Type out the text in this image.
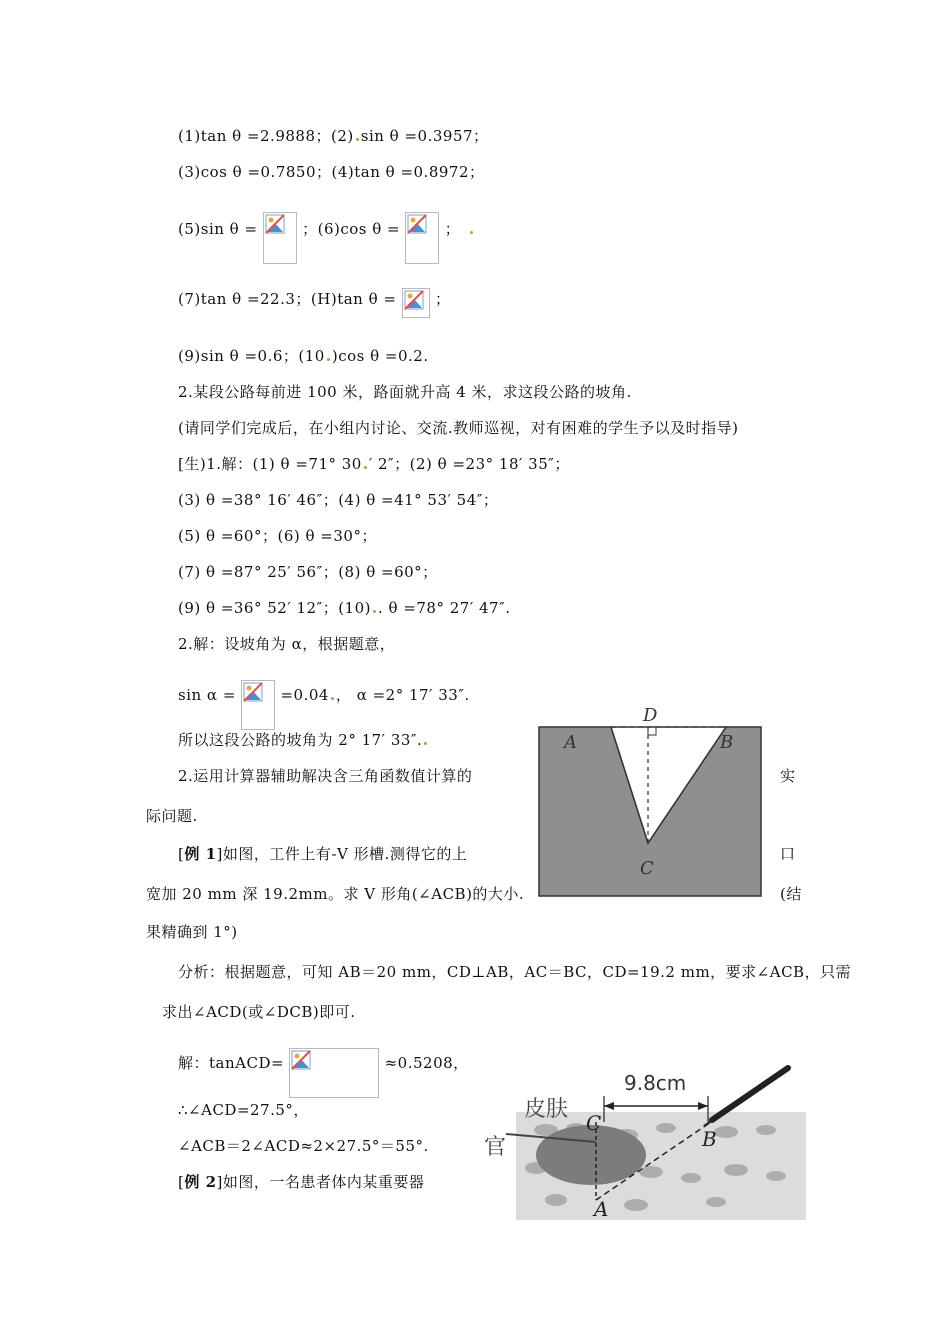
(1)tan θ =2.9888；(2) sin θ =0.3957；
(3)cos θ =0.7850；(4)tan θ =0.8972；
(5)sin θ =	；(6)cos θ =	；
(7)tan θ =22.3；(H)tan θ =	；
(9)sin θ =0.6；(10 )cos θ =0.2.
2.某段公路每前进 100 米，路面就升高 4 米，求这段公路的坡角.
(请同学们完成后，在小组内讨论、交流.教师巡视，对有困难的学生予以及时指导)
[生)1.解：(1) θ =71° 30 ′ 2″；(2) θ =23° 18′ 35″；
(3) θ =38° 16′ 46″；(4) θ =41° 53′ 54″；
(5) θ =60°；(6) θ =30°；
(7) θ =87° 25′ 56″；(8) θ =60°；
(9) θ =36° 52′ 12″；(10) . θ =78° 27′ 47″.
2.解：设坡角为 α，根据题意，
sin α =	=0.04 ， α =2° 17′ 33″.
所以这段公路的坡角为 2° 17′ 33″.
2.运用计算器辅助解决含三角函数值计算的	实
际问题.
[例 1]如图，工件上有-V 形槽.测得它的上	口
宽加 20 mm 深 19.2mm。求 V 形角(∠ACB)的大小.	(结
果精确到 1°)
分析：根据题意，可知 AB＝20 mm，CD⊥AB，AC＝BC，CD=19.2 mm，要求∠ACB，只需
求出∠ACD(或∠DCB)即可.
解：tanACD=	≈0.5208，
∴∠ACD=27.5°，
∠ACB＝2∠ACD≈2×27.5°＝55°.
[例 2]如图，一名患者体内某重要器
D
A	B
C
9.8cm
皮肤
官
C
B
A
